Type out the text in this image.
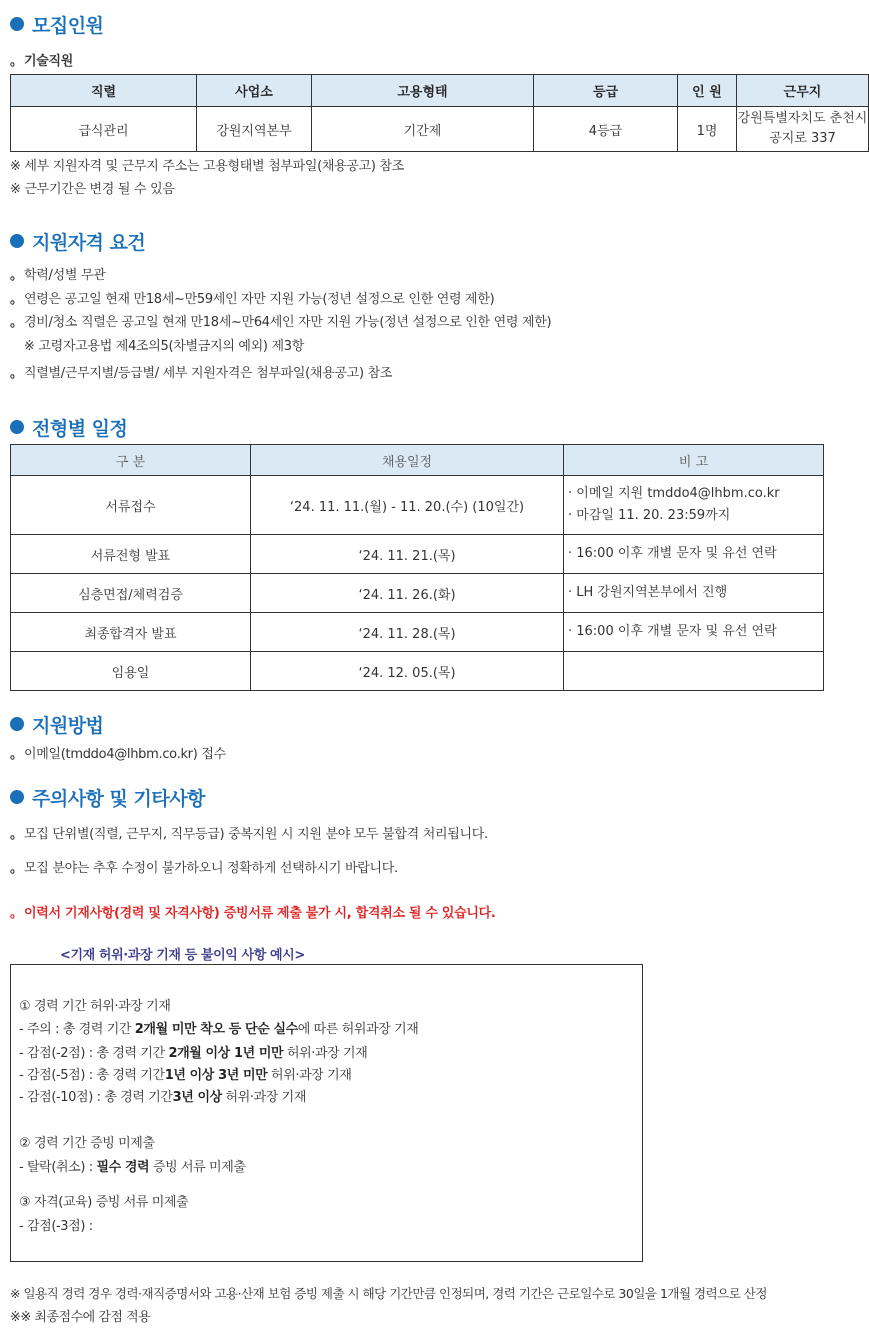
모집인원
。기술직원
직렬	사업소	고용형태	등급	인 원	근무지
급식관리	강원지역본부	기간제	4등급	1명	강원특별자치도 춘천시 공지로 337
※ 세부 지원자격 및 근무지 주소는 고용형태별 첨부파일(채용공고) 참조
※ 근무기간은 변경 될 수 있음
지원자격 요건
。학력/성별 무관
。연령은 공고일 현재 만18세~만59세인 자만 지원 가능(정년 설정으로 인한 연령 제한)
。경비/청소 직렬은 공고일 현재 만18세~만64세인 자만 지원 가능(정년 설정으로 인한 연령 제한)
※ 고령자고용법 제4조의5(차별금지의 예외) 제3항
。직렬별/근무지별/등급별/ 세부 지원자격은 첨부파일(채용공고) 참조
전형별 일정
구 분	채용일정	비 고
서류접수	‘24. 11. 11.(월) - 11. 20.(수) (10일간)	· 이메일 지원 tmddo4@lhbm.co.kr
· 마감일 11. 20. 23:59까지

서류전형 발표	‘24. 11. 21.(목)	· 16:00 이후 개별 문자 및 유선 연락
심층면접/체력검증	‘24. 11. 26.(화)	· LH 강원지역본부에서 진행
최종합격자 발표	‘24. 11. 28.(목)	· 16:00 이후 개별 문자 및 유선 연락
임용일	‘24. 12. 05.(목)	
지원방법
。이메일(tmddo4@lhbm.co.kr) 접수
주의사항 및 기타사항
。모집 단위별(직렬, 근무지, 직무등급) 중복지원 시 지원 분야 모두 불합격 처리됩니다.
。모집 분야는 추후 수정이 불가하오니 정확하게 선택하시기 바랍니다.
。이력서 기재사항(경력 및 자격사항) 증빙서류 제출 불가 시, 합격취소 될 수 있습니다.
<기재 허위·과장 기재 등 불이익 사항 예시>
① 경력 기간 허위·과장 기재
- 주의 : 총 경력 기간 2개월 미만 착오 등 단순 실수에 따른 허위과장 기재
- 감점(-2점) : 총 경력 기간 2개월 이상 1년 미만 허위·과장 기재
- 감점(-5점) : 총 경력 기간1년 이상 3년 미만 허위·과장 기재
- 감점(-10점) : 총 경력 기간3년 이상 허위·과장 기재
② 경력 기간 증빙 미제출
- 탈락(취소) : 필수 경력 증빙 서류 미제출
③ 자격(교육) 증빙 서류 미제출
- 감점(-3점) :
※ 일용직 경력 경우 경력·재직증명서와 고용·산재 보험 증빙 제출 시 해당 기간만큼 인정되며, 경력 기간은 근로일수로 30일을 1개월 경력으로 산정
※※ 최종점수에 감점 적용
